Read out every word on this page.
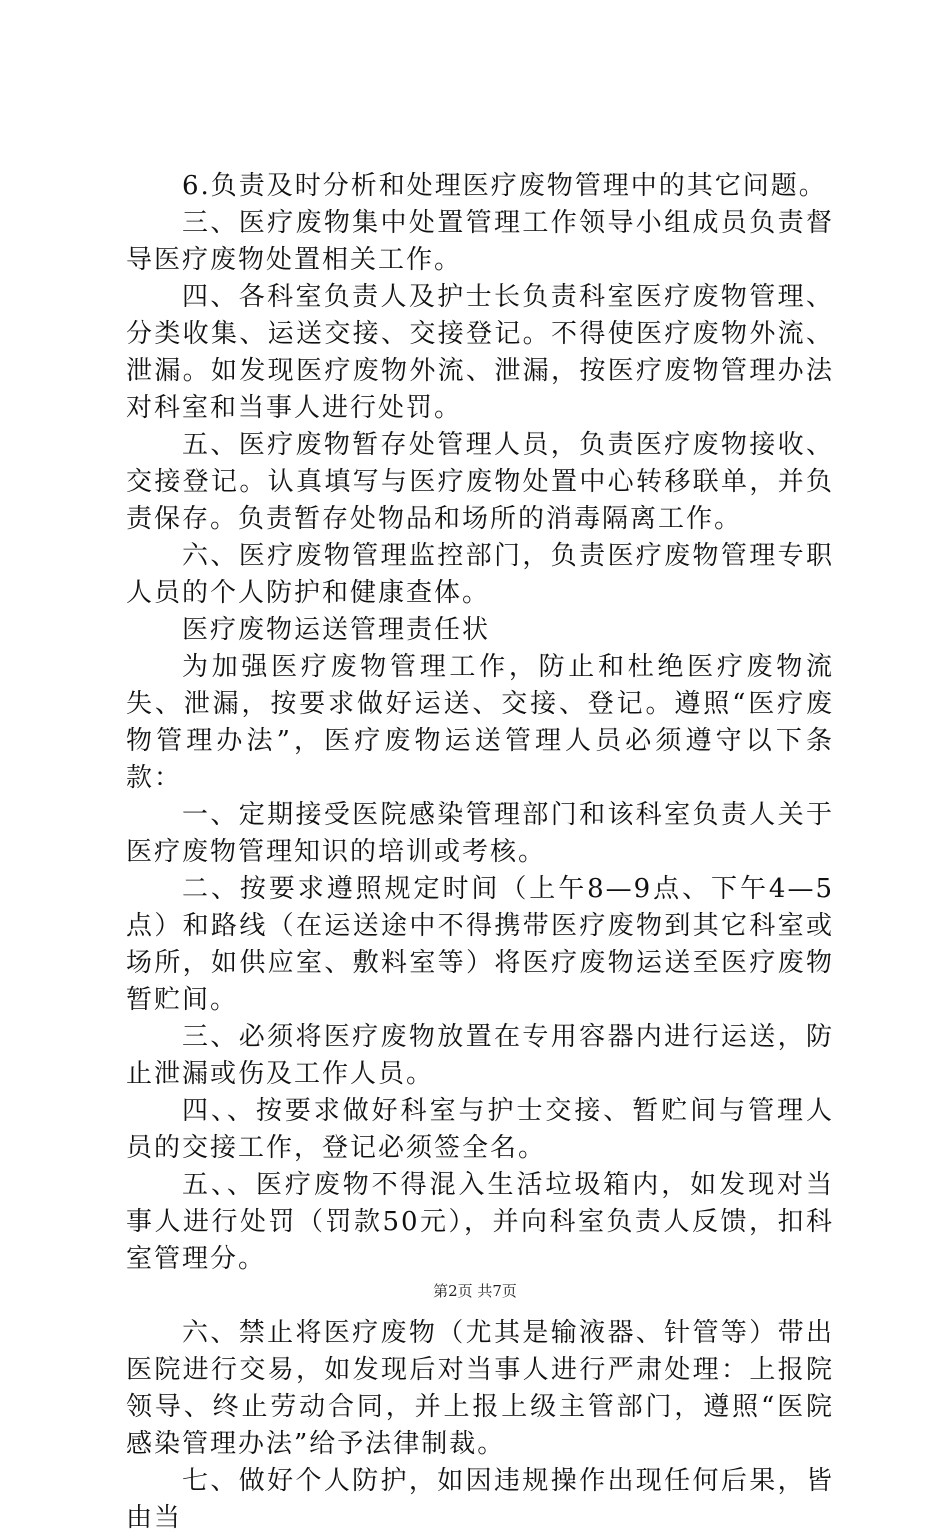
6.负责及时分析和处理医疗废物管理中的其它问题。

三、医疗废物集中处置管理工作领导小组成员负责督导医疗废物处置相关工作。

四、各科室负责人及护士长负责科室医疗废物管理、分类收集、运送交接、交接登记。不得使医疗废物外流、泄漏。如发现医疗废物外流、泄漏，按医疗废物管理办法对科室和当事人进行处罚。

五、医疗废物暂存处管理人员，负责医疗废物接收、交接登记。认真填写与医疗废物处置中心转移联单，并负责保存。负责暂存处物品和场所的消毒隔离工作。

六、医疗废物管理监控部门，负责医疗废物管理专职人员的个人防护和健康查体。

医疗废物运送管理责任状

为加强医疗废物管理工作，防止和杜绝医疗废物流失、泄漏，按要求做好运送、交接、登记。遵照“医疗废物管理办法”，医疗废物运送管理人员必须遵守以下条款：

一、定期接受医院感染管理部门和该科室负责人关于医疗废物管理知识的培训或考核。

二、按要求遵照规定时间（上午8—9点、下午4—5点）和路线（在运送途中不得携带医疗废物到其它科室或场所，如供应室、敷料室等）将医疗废物运送至医疗废物暂贮间。

三、必须将医疗废物放置在专用容器内进行运送，防止泄漏或伤及工作人员。

四、、按要求做好科室与护士交接、暂贮间与管理人员的交接工作，登记必须签全名。

五、、医疗废物不得混入生活垃圾箱内，如发现对当事人进行处罚（罚款50元），并向科室负责人反馈，扣科室管理分。

六、禁止将医疗废物（尤其是输液器、针管等）带出医院进行交易，如发现后对当事人进行严肃处理：上报院领导、终止劳动合同，并上报上级主管部门，遵照“医院感染管理办法”给予法律制裁。

七、做好个人防护，如因违规操作出现任何后果，皆由当

第2页 共7页
